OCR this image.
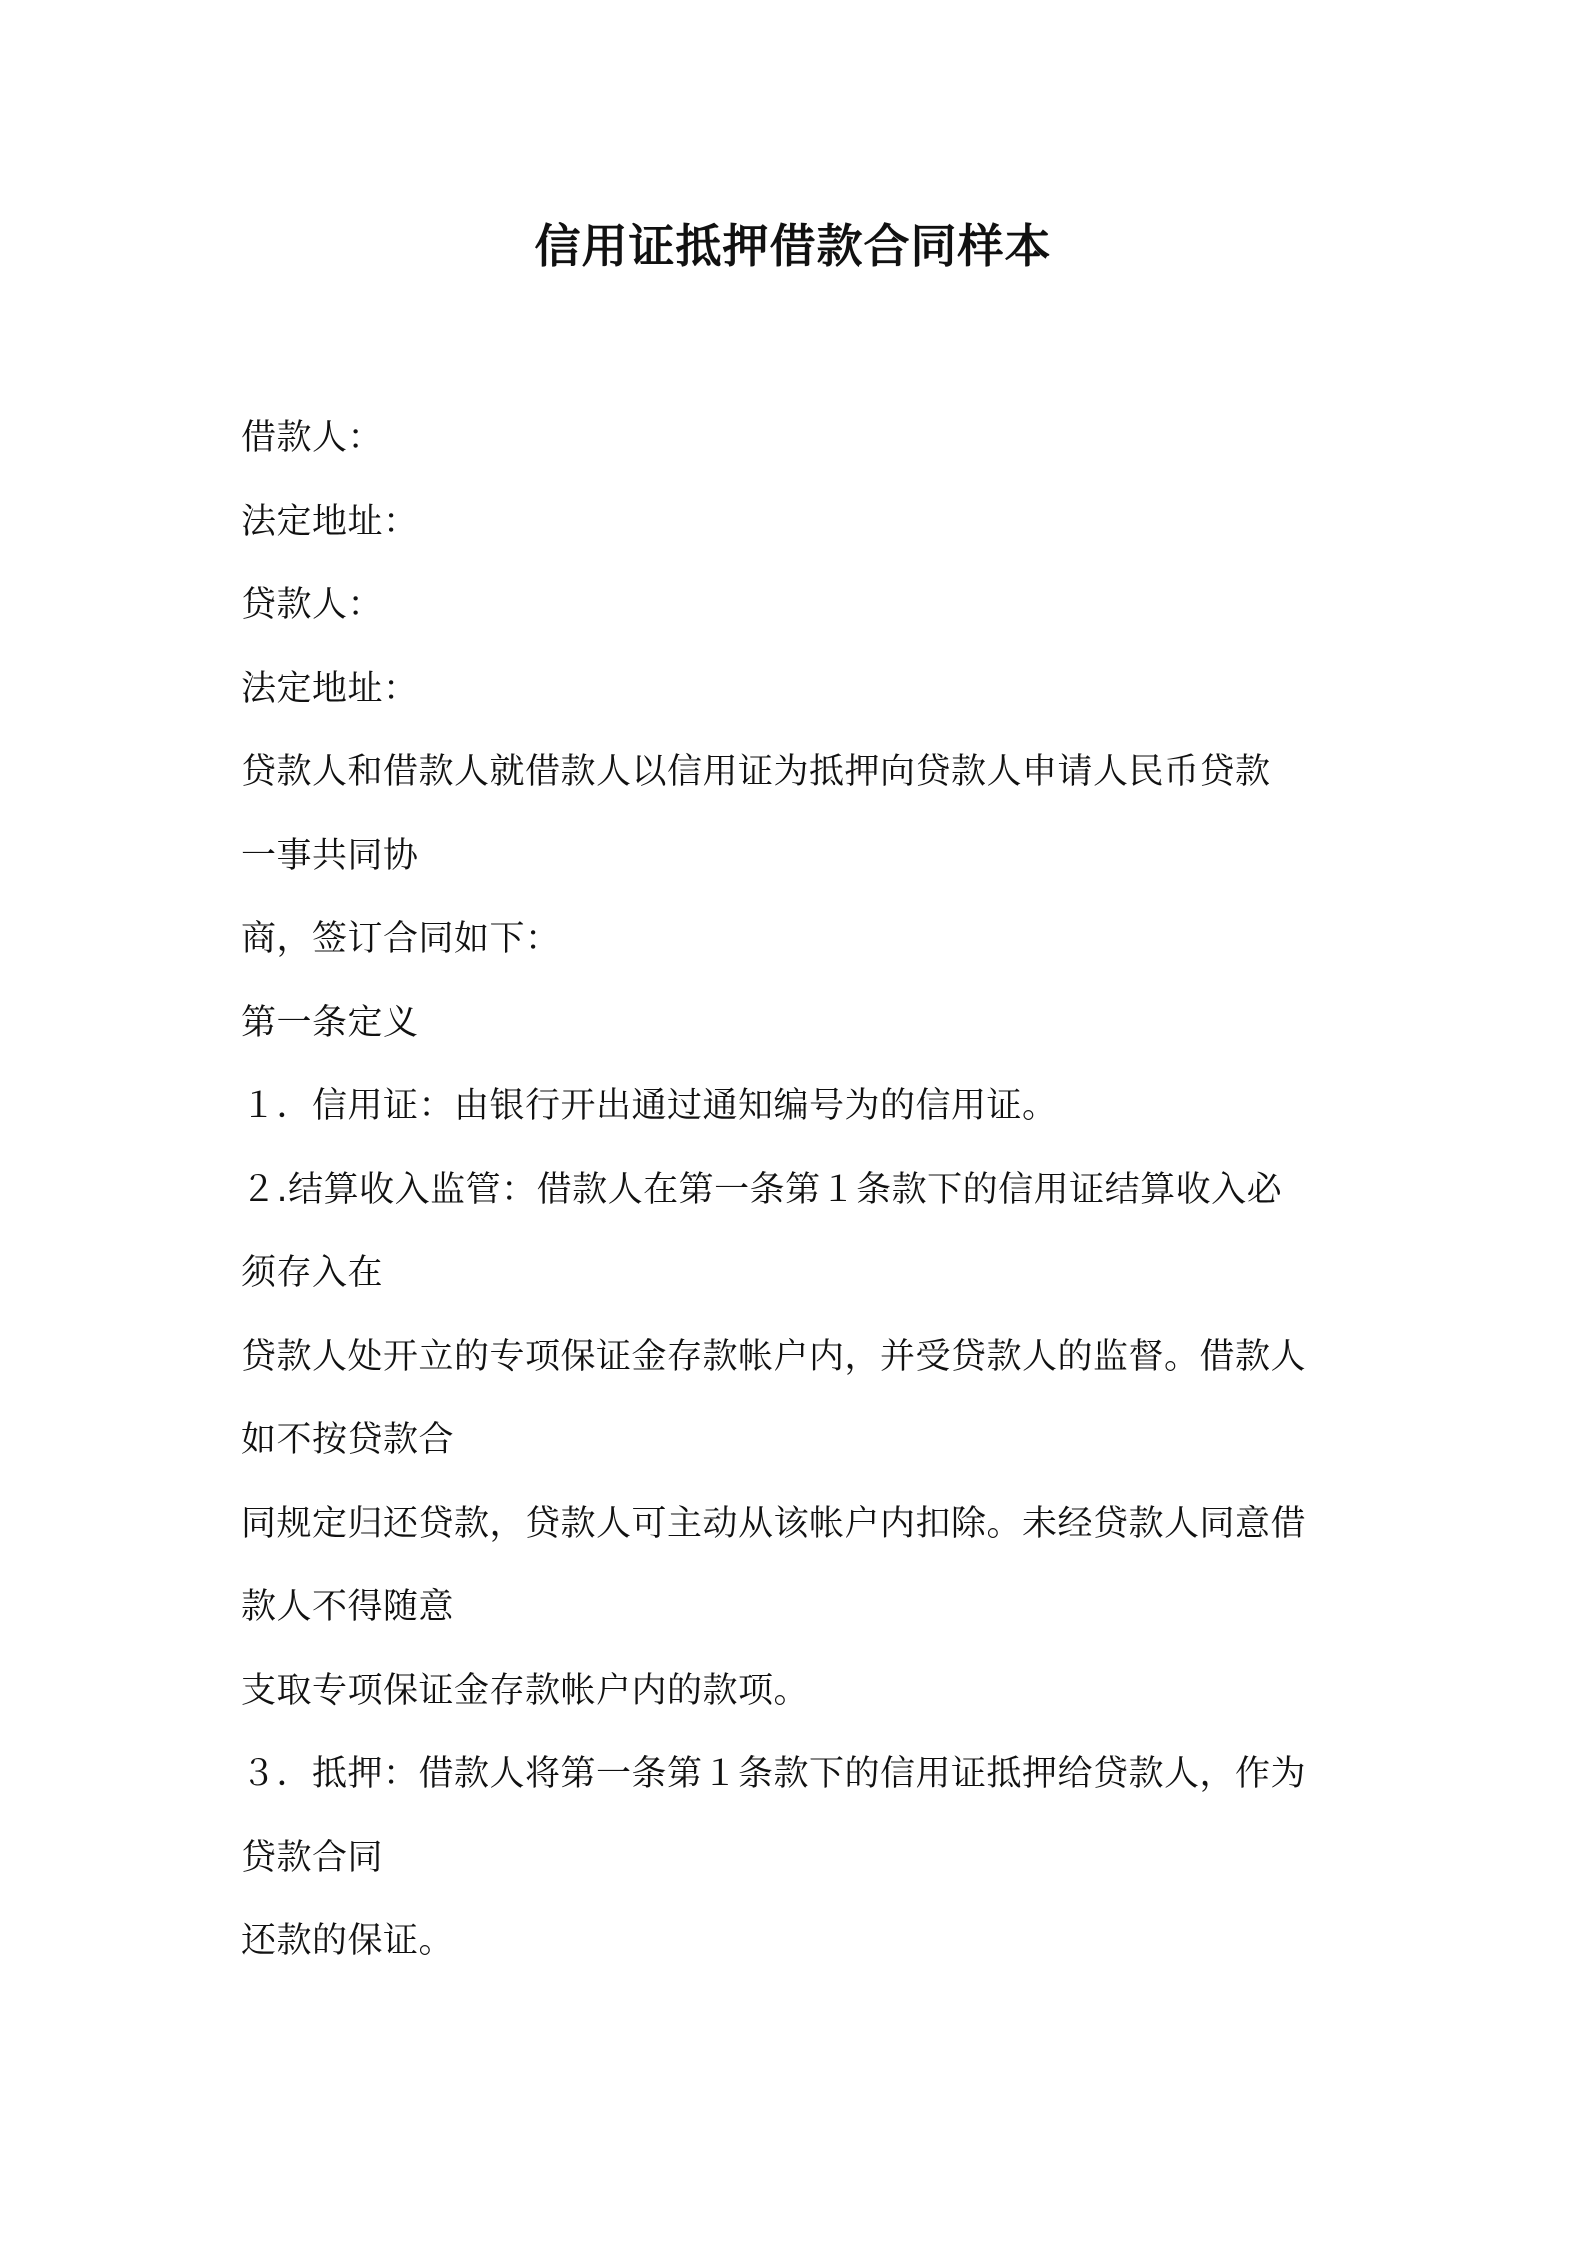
信用证抵押借款合同样本
借款人：
法定地址：
贷款人：
法定地址：
贷款人和借款人就借款人以信用证为抵押向贷款人申请人民币贷款
一事共同协
商，签订合同如下：
第一条定义
１．信用证：由银行开出通过通知编号为的信用证。
２.结算收入监管：借款人在第一条第１条款下的信用证结算收入必
须存入在
贷款人处开立的专项保证金存款帐户内，并受贷款人的监督。借款人
如不按贷款合
同规定归还贷款，贷款人可主动从该帐户内扣除。未经贷款人同意借
款人不得随意
支取专项保证金存款帐户内的款项。
３．抵押：借款人将第一条第１条款下的信用证抵押给贷款人，作为
贷款合同
还款的保证。
